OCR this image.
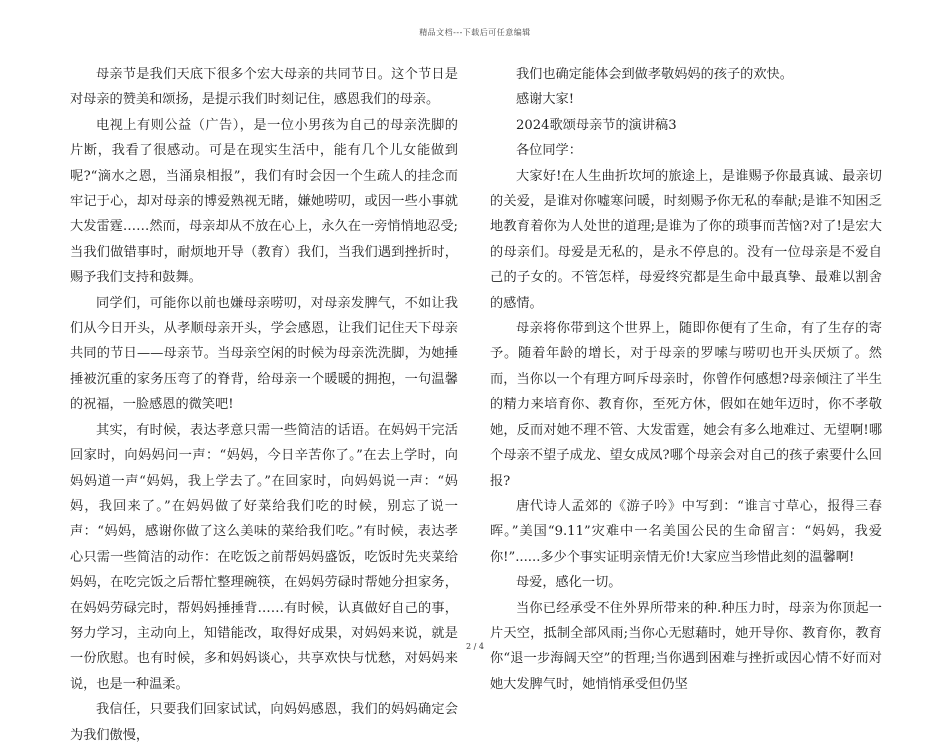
精品文档---下载后可任意编辑

母亲节是我们天底下很多个宏大母亲的共同节日。这个节日是对母亲的赞美和颂扬，是提示我们时刻记住，感恩我们的母亲。

电视上有则公益（广告），是一位小男孩为自己的母亲洗脚的片断，我看了很感动。可是在现实生活中，能有几个儿女能做到呢?“滴水之恩，当涌泉相报”，我们有时会因一个生疏人的挂念而牢记于心，却对母亲的博爱熟视无睹，嫌她唠叨，或因一些小事就大发雷霆……然而，母亲却从不放在心上，永久在一旁悄悄地忍受;当我们做错事时，耐烦地开导（教育）我们，当我们遇到挫折时，赐予我们支持和鼓舞。

同学们，可能你以前也嫌母亲唠叨，对母亲发脾气，不如让我们从今日开头，从孝顺母亲开头，学会感恩，让我们记住天下母亲共同的节日——母亲节。当母亲空闲的时候为母亲洗洗脚，为她捶捶被沉重的家务压弯了的脊背，给母亲一个暖暖的拥抱，一句温馨的祝福，一脸感恩的微笑吧!

其实，有时候，表达孝意只需一些简洁的话语。在妈妈干完活回家时，向妈妈问一声：“妈妈，今日辛苦你了。”在去上学时，向妈妈道一声“妈妈，我上学去了。”在回家时，向妈妈说一声：“妈妈，我回来了。”在妈妈做了好菜给我们吃的时候，别忘了说一声：“妈妈，感谢你做了这么美味的菜给我们吃。”有时候，表达孝心只需一些简洁的动作：在吃饭之前帮妈妈盛饭，吃饭时先夹菜给妈妈，在吃完饭之后帮忙整理碗筷，在妈妈劳碌时帮她分担家务，在妈妈劳碌完时，帮妈妈捶捶背……有时候，认真做好自己的事，努力学习，主动向上，知错能改，取得好成果，对妈妈来说，就是一份欣慰。也有时候，多和妈妈谈心，共享欢快与忧愁，对妈妈来说，也是一种温柔。

我信任，只要我们回家试试，向妈妈感恩，我们的妈妈确定会为我们傲慢，

我们也确定能体会到做孝敬妈妈的孩子的欢快。

感谢大家!

2024歌颂母亲节的演讲稿3

各位同学：

大家好!在人生曲折坎坷的旅途上，是谁赐予你最真诚、最亲切的关爱，是谁对你嘘寒问暖，时刻赐予你无私的奉献;是谁不知困乏地教育着你为人处世的道理;是谁为了你的琐事而苦恼?对了!是宏大的母亲们。母爱是无私的，是永不停息的。没有一位母亲是不爱自己的子女的。不管怎样，母爱终究都是生命中最真挚、最难以割舍的感情。

母亲将你带到这个世界上，随即你便有了生命，有了生存的寄予。随着年龄的增长，对于母亲的罗嗦与唠叨也开头厌烦了。然而，当你以一个有理方呵斥母亲时，你曾作何感想?母亲倾注了半生的精力来培育你、教育你，至死方休，假如在她年迈时，你不孝敬她，反而对她不理不管、大发雷霆，她会有多么地难过、无望啊!哪个母亲不望子成龙、望女成凤?哪个母亲会对自己的孩子索要什么回报?

唐代诗人孟郊的《游子吟》中写到：“谁言寸草心，报得三春晖。”美国“9.11”灾难中一名美国公民的生命留言：“妈妈，我爱你!”......多少个事实证明亲情无价!大家应当珍惜此刻的温馨啊!

母爱，感化一切。

当你已经承受不住外界所带来的种.种压力时，母亲为你顶起一片天空，抵制全部风雨;当你心无慰藉时，她开导你、教育你，教育你“退一步海阔天空”的哲理;当你遇到困难与挫折或因心情不好而对她大发脾气时，她悄悄承受但仍坚

2 / 4
